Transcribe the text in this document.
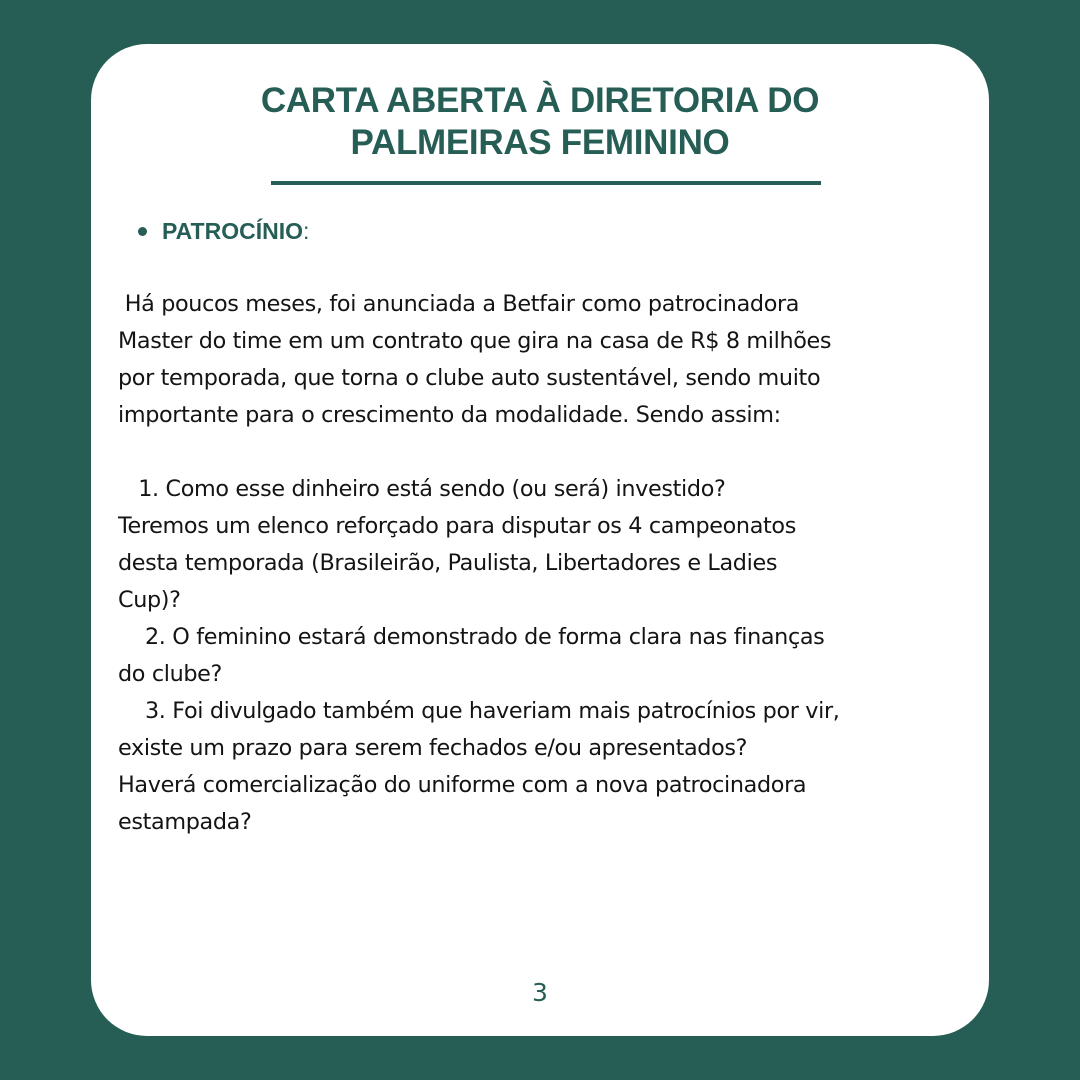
CARTA ABERTA À DIRETORIA DO
PALMEIRAS FEMININO
PATROCÍNIO :
Há poucos meses, foi anunciada a Betfair como patrocinadora
Master do time em um contrato que gira na casa de R$ 8 milhões
por temporada, que torna o clube auto sustentável, sendo muito
importante para o crescimento da modalidade. Sendo assim:

1. Como esse dinheiro está sendo (ou será) investido?
Teremos um elenco reforçado para disputar os 4 campeonatos
desta temporada (Brasileirão, Paulista, Libertadores e Ladies
Cup)?
2. O feminino estará demonstrado de forma clara nas finanças
do clube?
3. Foi divulgado também que haveriam mais patrocínios por vir,
existe um prazo para serem fechados e/ou apresentados?
Haverá comercialização do uniforme com a nova patrocinadora
estampada?
3
